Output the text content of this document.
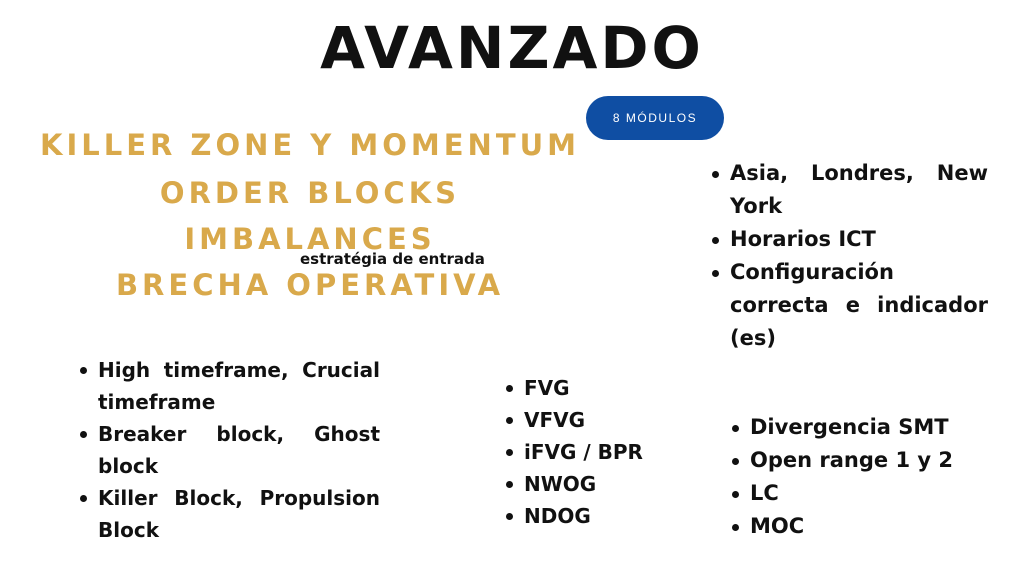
AVANZADO
8 MÓDULOS
KILLER ZONE Y MOMENTUM
ORDER BLOCKS
IMBALANCES
BRECHA OPERATIVA
estratégia de entrada
High timeframe, Crucial timeframe
Breaker block, Ghost block
Killer Block, Propulsion Block
FVG
VFVG
iFVG / BPR
NWOG
NDOG
Asia, Londres, New York
Horarios ICT
Configuración correcta e indicador (es)
Divergencia SMT
Open range 1 y 2
LC
MOC
